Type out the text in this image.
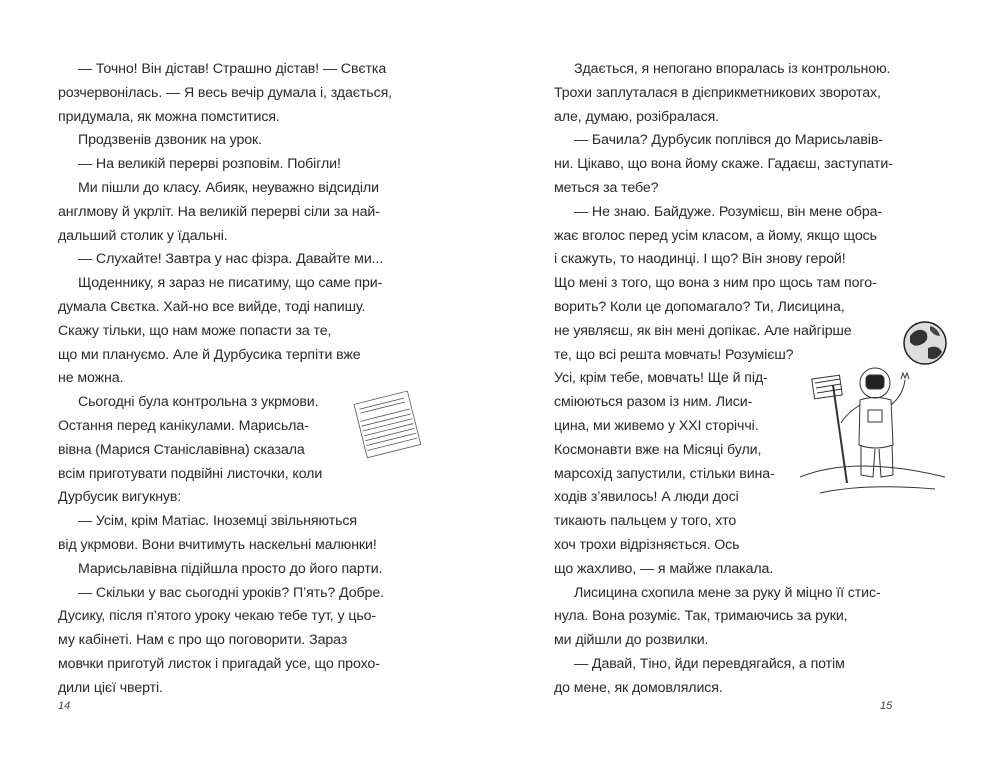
— Точно! Він дістав! Страшно дістав! — Свєтка
розчервонілась. — Я весь вечір думала і, здається,
придумала, як можна помститися.
Продзвенів дзвоник на урок.
— На великій перерві розповім. Побігли!
Ми пішли до класу. Абияк, неуважно відсиділи
англмову й укрліт. На великій перерві сіли за най-
дальший столик у їдальні.
— Слухайте! Завтра у нас фізра. Давайте ми...
Щоденнику, я зараз не писатиму, що саме при-
думала Свєтка. Хай-но все вийде, тоді напишу.
Скажу тільки, що нам може попасти за те,
що ми плануємо. Але й Дурбусика терпіти вже
не можна.
Сьогодні була контрольна з укрмови.
Остання перед канікулами. Марисьла-
вівна (Марися Станіславівна) сказала
всім приготувати подвійні листочки, коли
Дурбусик вигукнув:
— Усім, крім Матіас. Іноземці звільняються
від укрмови. Вони вчитимуть наскельні малюнки!
Марисьлавівна підійшла просто до його парти.
— Скільки у вас сьогодні уроків? П’ять? Добре.
Дусику, після п’ятого уроку чекаю тебе тут, у цьо-
му кабінеті. Нам є про що поговорити. Зараз
мовчки приготуй листок і пригадай усе, що прохо-
дили цієї чверті.
14
Здається, я непогано впоралась із контрольною.
Трохи заплуталася в дієприкметникових зворотах,
але, думаю, розібралася.
— Бачила? Дурбусик поплівся до Марисьлавів-
ни. Цікаво, що вона йому скаже. Гадаєш, заступати-
меться за тебе?
— Не знаю. Байдуже. Розумієш, він мене обра-
жає вголос перед усім класом, а йому, якщо щось
і скажуть, то наодинці. І що? Він знову герой!
Що мені з того, що вона з ним про щось там пого-
ворить? Коли це допомагало? Ти, Лисицина,
не уявляєш, як він мені допікає. Але найгірше
те, що всі решта мовчать! Розумієш?
Усі, крім тебе, мовчать! Ще й під-
сміюються разом із ним. Лиси-
цина, ми живемо у XXI сторіччі.
Космонавти вже на Місяці були,
марсохід запустили, стільки вина-
ходів з’явилось! А люди досі
тикають пальцем у того, хто
хоч трохи відрізняється. Ось
що жахливо, — я майже плакала.
Лисицина схопила мене за руку й міцно її стис-
нула. Вона розуміє. Так, тримаючись за руки,
ми дійшли до розвилки.
— Давай, Тіно, йди перевдягайся, а потім
до мене, як домовлялися.
15
